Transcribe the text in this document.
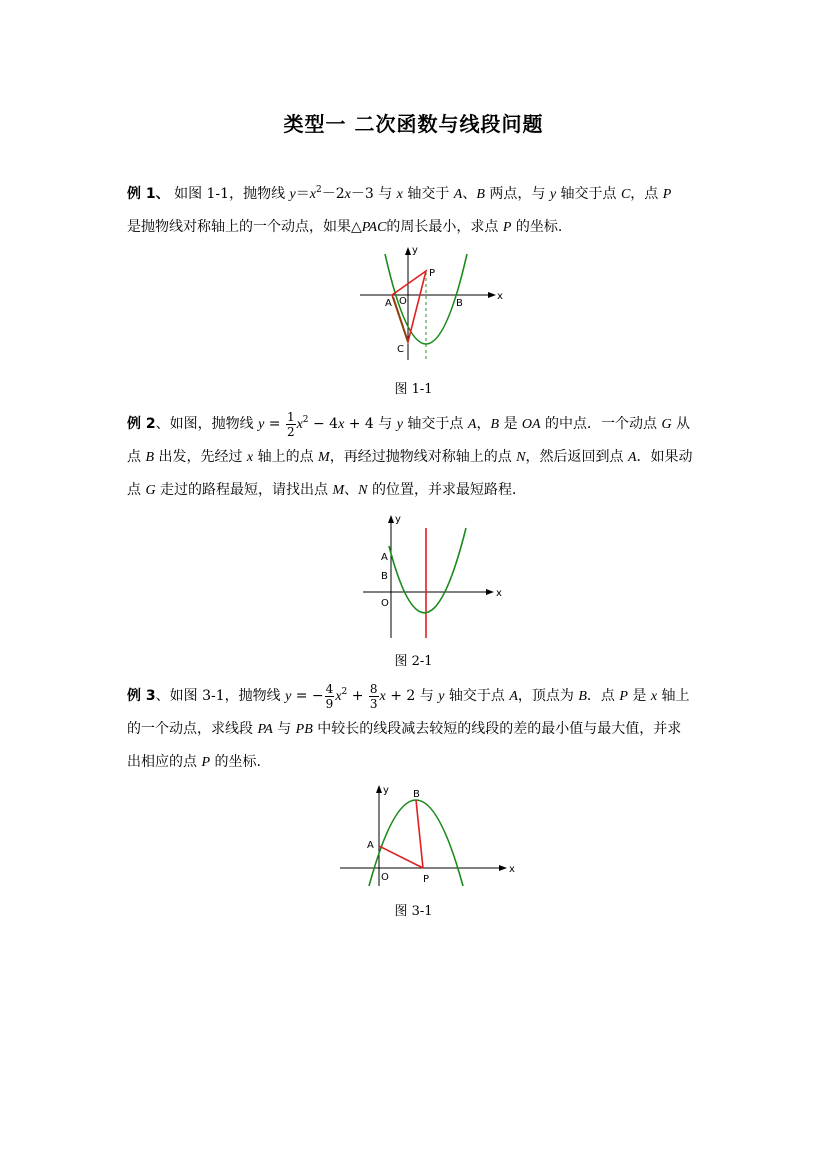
类型一 二次函数与线段问题
例 1、 如图 1-1，抛物线 $y=x^2-2x-3$ 与 x 轴交于 A、B 两点，与 y 轴交于点 C，点 P
是抛物线对称轴上的一个动点，如果△PAC的周长最小，求点 P 的坐标.
x
y
A O	B
C
P
图 1-1
例 2、如图，抛物线 $y = \frac{1}{2} x^2 - 4x + 4$ 与 y 轴交于点 A，B 是 OA 的中点．一个动点 G 从
点 B 出发，先经过 x 轴上的点 M，再经过抛物线对称轴上的点 N，然后返回到点 A．如果动
点 G 走过的路程最短，请找出点 M、N 的位置，并求最短路程．
x
y
A
B
O
图 2-1
例 3、如图 3-1，抛物线 y = − $\frac{4}{9} x^2 + \frac{8}{3}$ x + 2 与 y 轴交于点 A，顶点为 B．点 P 是 x 轴上
的一个动点，求线段 PA 与 PB 中较长的线段减去较短的线段的差的最小值与最大值，并求
出相应的点 P 的坐标.
x
y
A
B
O	P
图 3-1
